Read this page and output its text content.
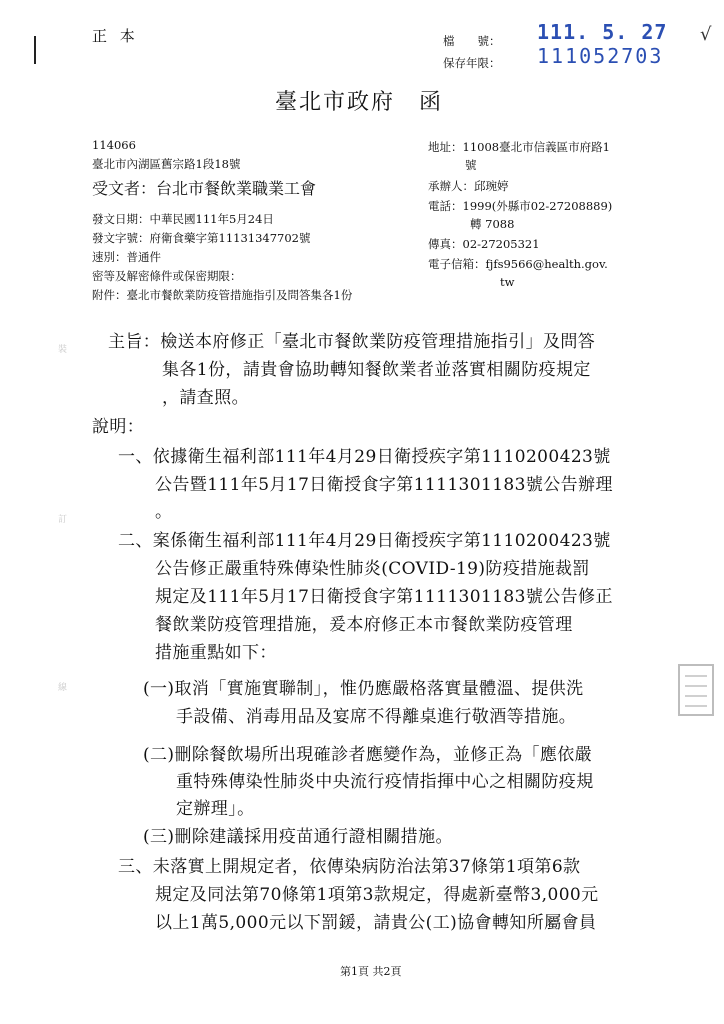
正 本	檔　　號：
保存年限：
111. 5. 27
111052703
√
臺北市政府　函
114066
臺北市內湖區舊宗路1段18號
受文者：台北市餐飲業職業工會
發文日期：中華民國111年5月24日
發文字號：府衛食藥字第11131347702號
速別：普通件
密等及解密條件或保密期限：
附件：臺北市餐飲業防疫管措施指引及問答集各1份
地址：11008臺北市信義區市府路1
號
承辦人：邱琬婷
電話：1999(外縣市02-27208889)
轉 7088
傳真：02-27205321
電子信箱：fjfs9566@health.gov.
tw
主旨：檢送本府修正「臺北市餐飲業防疫管理措施指引」及問答
集各1份，請貴會協助轉知餐飲業者並落實相關防疫規定
，請查照。
說明：
一、依據衛生福利部111年4月29日衛授疾字第1110200423號
公告暨111年5月17日衛授食字第1111301183號公告辦理
。
二、案係衛生福利部111年4月29日衛授疾字第1110200423號
公告修正嚴重特殊傳染性肺炎(COVID-19)防疫措施裁罰
規定及111年5月17日衛授食字第1111301183號公告修正
餐飲業防疫管理措施，爰本府修正本市餐飲業防疫管理
措施重點如下：
(一)取消「實施實聯制」，惟仍應嚴格落實量體溫、提供洗
手設備、消毒用品及宴席不得離桌進行敬酒等措施。
(二)刪除餐飲場所出現確診者應變作為，並修正為「應依嚴
重特殊傳染性肺炎中央流行疫情指揮中心之相關防疫規
定辦理」。
(三)刪除建議採用疫苗通行證相關措施。
三、未落實上開規定者，依傳染病防治法第37條第1項第6款
規定及同法第70條第1項第3款規定，得處新臺幣3,000元
以上1萬5,000元以下罰鍰，請貴公(工)協會轉知所屬會員
裝
訂
線
第1頁 共2頁
